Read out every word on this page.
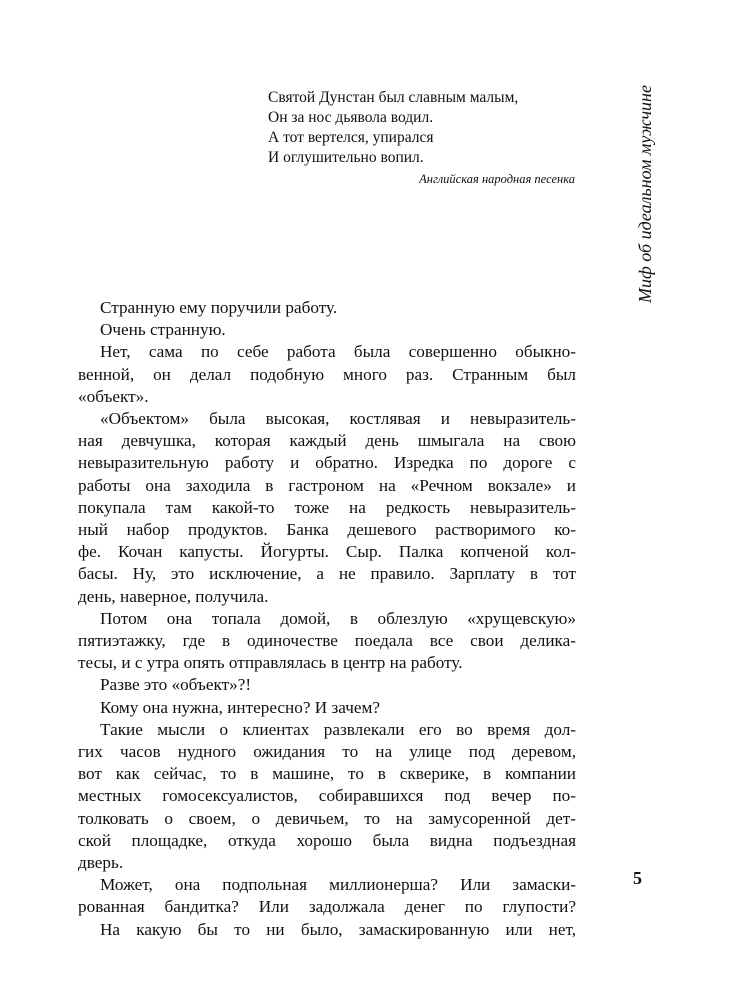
Святой Дунстан был славным малым,
Он за нос дьявола водил.
А тот вертелся, упирался
И оглушительно вопил.
Английская народная песенка
Странную ему поручили работу.
Очень странную.
Нет, сама по себе работа была совершенно обыкно-
венной, он делал подобную много раз. Странным был
«объект».
«Объектом» была высокая, костлявая и невыразитель-
ная девчушка, которая каждый день шмыгала на свою
невыразительную работу и обратно. Изредка по дороге с
работы она заходила в гастроном на «Речном вокзале» и
покупала там какой-то тоже на редкость невыразитель-
ный набор продуктов. Банка дешевого растворимого ко-
фе. Кочан капусты. Йогурты. Сыр. Палка копченой кол-
басы. Ну, это исключение, а не правило. Зарплату в тот
день, наверное, получила.
Потом она топала домой, в облезлую «хрущевскую»
пятиэтажку, где в одиночестве поедала все свои делика-
тесы, и с утра опять отправлялась в центр на работу.
Разве это «объект»?!
Кому она нужна, интересно? И зачем?
Такие мысли о клиентах развлекали его во время дол-
гих часов нудного ожидания то на улице под деревом,
вот как сейчас, то в машине, то в скверике, в компании
местных гомосексуалистов, собиравшихся под вечер по-
толковать о своем, о девичьем, то на замусоренной дет-
ской площадке, откуда хорошо была видна подъездная
дверь.
Может, она подпольная миллионерша? Или замаски-
рованная бандитка? Или задолжала денег по глупости?
На какую бы то ни было, замаскированную или нет,
Миф об идеальном мужчине
5
